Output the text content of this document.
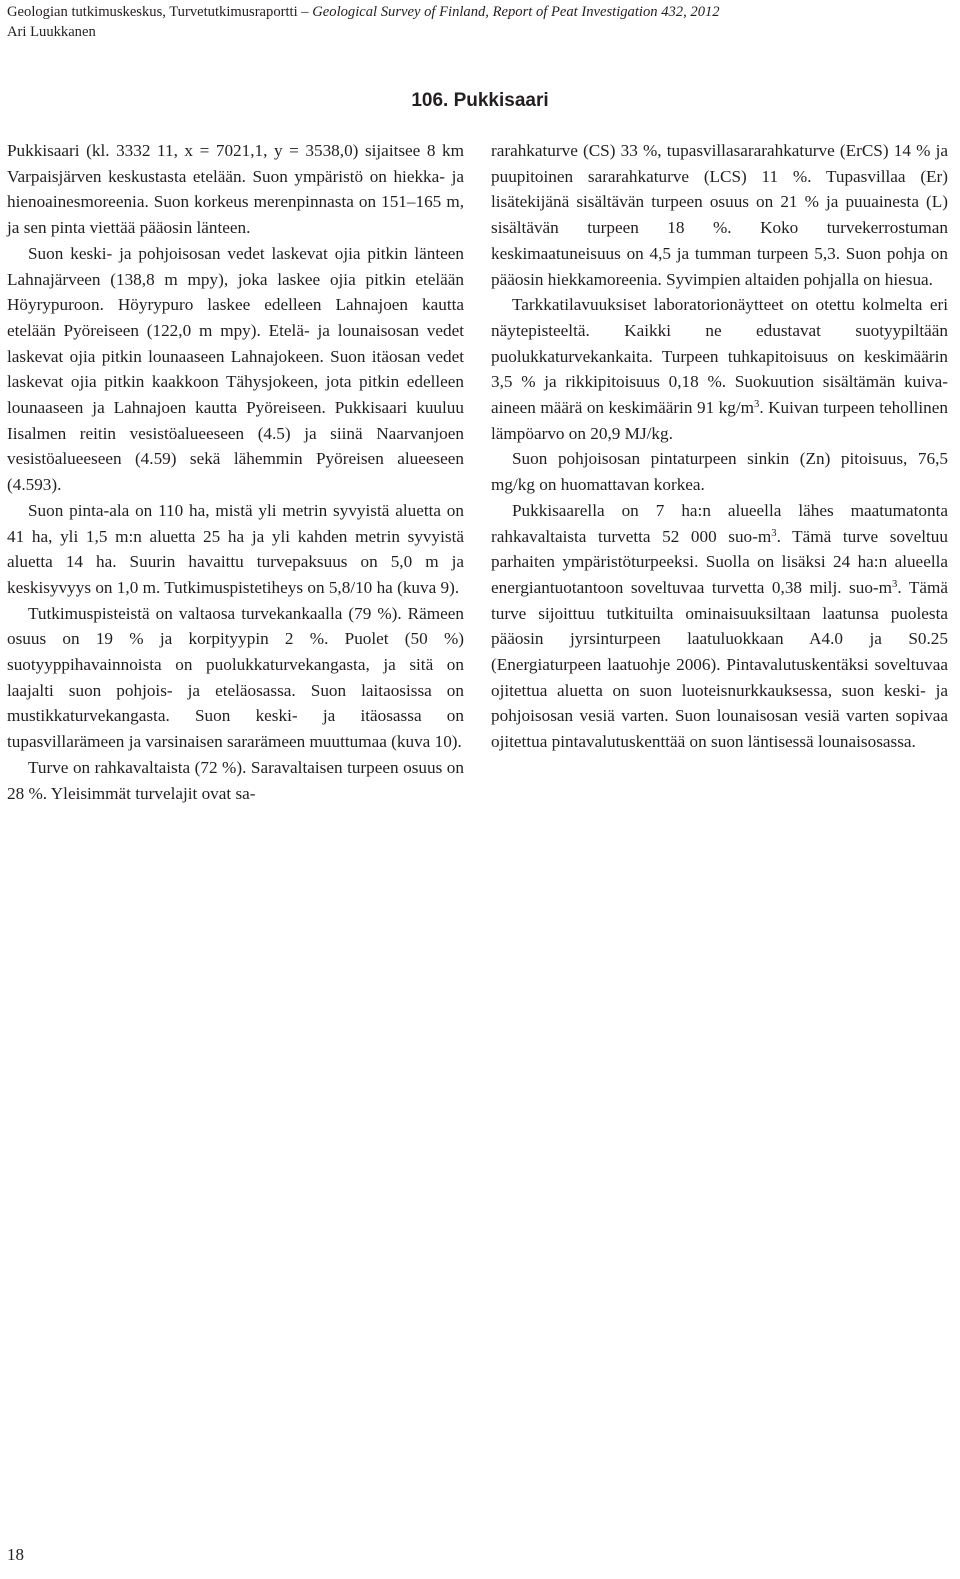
Geologian tutkimuskeskus, Turvetutkimusraportti – Geological Survey of Finland, Report of Peat Investigation 432, 2012
Ari Luukkanen
106. Pukkisaari

Pukkisaari (kl. 3332 11, x = 7021,1, y = 3538,0) sijaitsee 8 km Varpaisjärven keskustasta etelään. Suon ympäristö on hiekka- ja hienoainesmoreenia. Suon korkeus merenpinnasta on 151–165 m, ja sen pinta viettää pääosin länteen.

Suon keski- ja pohjoisosan vedet laskevat ojia pitkin länteen Lahnajärveen (138,8 m mpy), joka laskee ojia pitkin etelään Höyrypuroon. Höyrypuro laskee edelleen Lahnajoen kautta etelään Pyöreiseen (122,0 m mpy). Etelä- ja lounaisosan vedet laskevat ojia pitkin lounaaseen Lahnajokeen. Suon itäosan vedet laskevat ojia pitkin kaakkoon Tähysjokeen, jota pitkin edelleen lounaaseen ja Lahnajoen kautta Pyöreiseen. Pukkisaari kuuluu Iisalmen reitin vesistöalueeseen (4.5) ja siinä Naarvanjoen vesistöalueeseen (4.59) sekä lähemmin Pyöreisen alueeseen (4.593).

Suon pinta-ala on 110 ha, mistä yli metrin syvyistä aluetta on 41 ha, yli 1,5 m:n aluetta 25 ha ja yli kahden metrin syvyistä aluetta 14 ha. Suurin havaittu turvepaksuus on 5,0 m ja keskisyvyys on 1,0 m. Tutkimuspistetiheys on 5,8/10 ha (kuva 9).

Tutkimuspisteistä on valtaosa turvekankaalla (79 %). Rämeen osuus on 19 % ja korpityypin 2 %. Puolet (50 %) suotyyppihavainnoista on puolukkaturvekangasta, ja sitä on laajalti suon pohjois- ja eteläosassa. Suon laitaosissa on mustikkaturvekangasta. Suon keski- ja itäosassa on tupasvillarämeen ja varsinaisen sararämeen muuttumaa (kuva 10).

Turve on rahkavaltaista (72 %). Saravaltaisen turpeen osuus on 28 %. Yleisimmät turvelajit ovat sa-

rarahkaturve (CS) 33 %, tupasvillasararahkaturve (ErCS) 14 % ja puupitoinen sararahkaturve (LCS) 11 %. Tupasvillaa (Er) lisätekijänä sisältävän turpeen osuus on 21 % ja puuainesta (L) sisältävän turpeen 18 %. Koko turvekerrostuman keskimaatuneisuus on 4,5 ja tumman turpeen 5,3. Suon pohja on pääosin hiekkamoreenia. Syvimpien altaiden pohjalla on hiesua.

Tarkkatilavuuksiset laboratorionäytteet on otettu kolmelta eri näytepisteeltä. Kaikki ne edustavat suotyypiltään puolukkaturvekankaita. Turpeen tuhkapitoisuus on keskimäärin 3,5 % ja rikkipitoisuus 0,18 %. Suokuution sisältämän kuiva-aineen määrä on keskimäärin 91 $kg/m^3$. Kuivan turpeen tehollinen lämpöarvo on 20,9 MJ/kg.

Suon pohjoisosan pintaturpeen sinkin (Zn) pitoisuus, 76,5 mg/kg on huomattavan korkea.

Pukkisaarella on 7 ha:n alueella lähes maatumatonta rahkavaltaista turvetta 52 000 suo-$m^3$. Tämä turve soveltuu parhaiten ympäristöturpeeksi. Suolla on lisäksi 24 ha:n alueella energiantuotantoon soveltuvaa turvetta 0,38 milj. suo-$m^3$. Tämä turve sijoittuu tutkituilta ominaisuuksiltaan laatunsa puolesta pääosin jyrsinturpeen laatuluokkaan A4.0 ja S0.25 (Energiaturpeen laatuohje 2006). Pintavalutuskentäksi soveltuvaa ojitettua aluetta on suon luoteisnurkkauksessa, suon keski- ja pohjoisosan vesiä varten. Suon lounaisosan vesiä varten sopivaa ojitettua pintavalutuskenttää on suon läntisessä lounaisosassa.

18
